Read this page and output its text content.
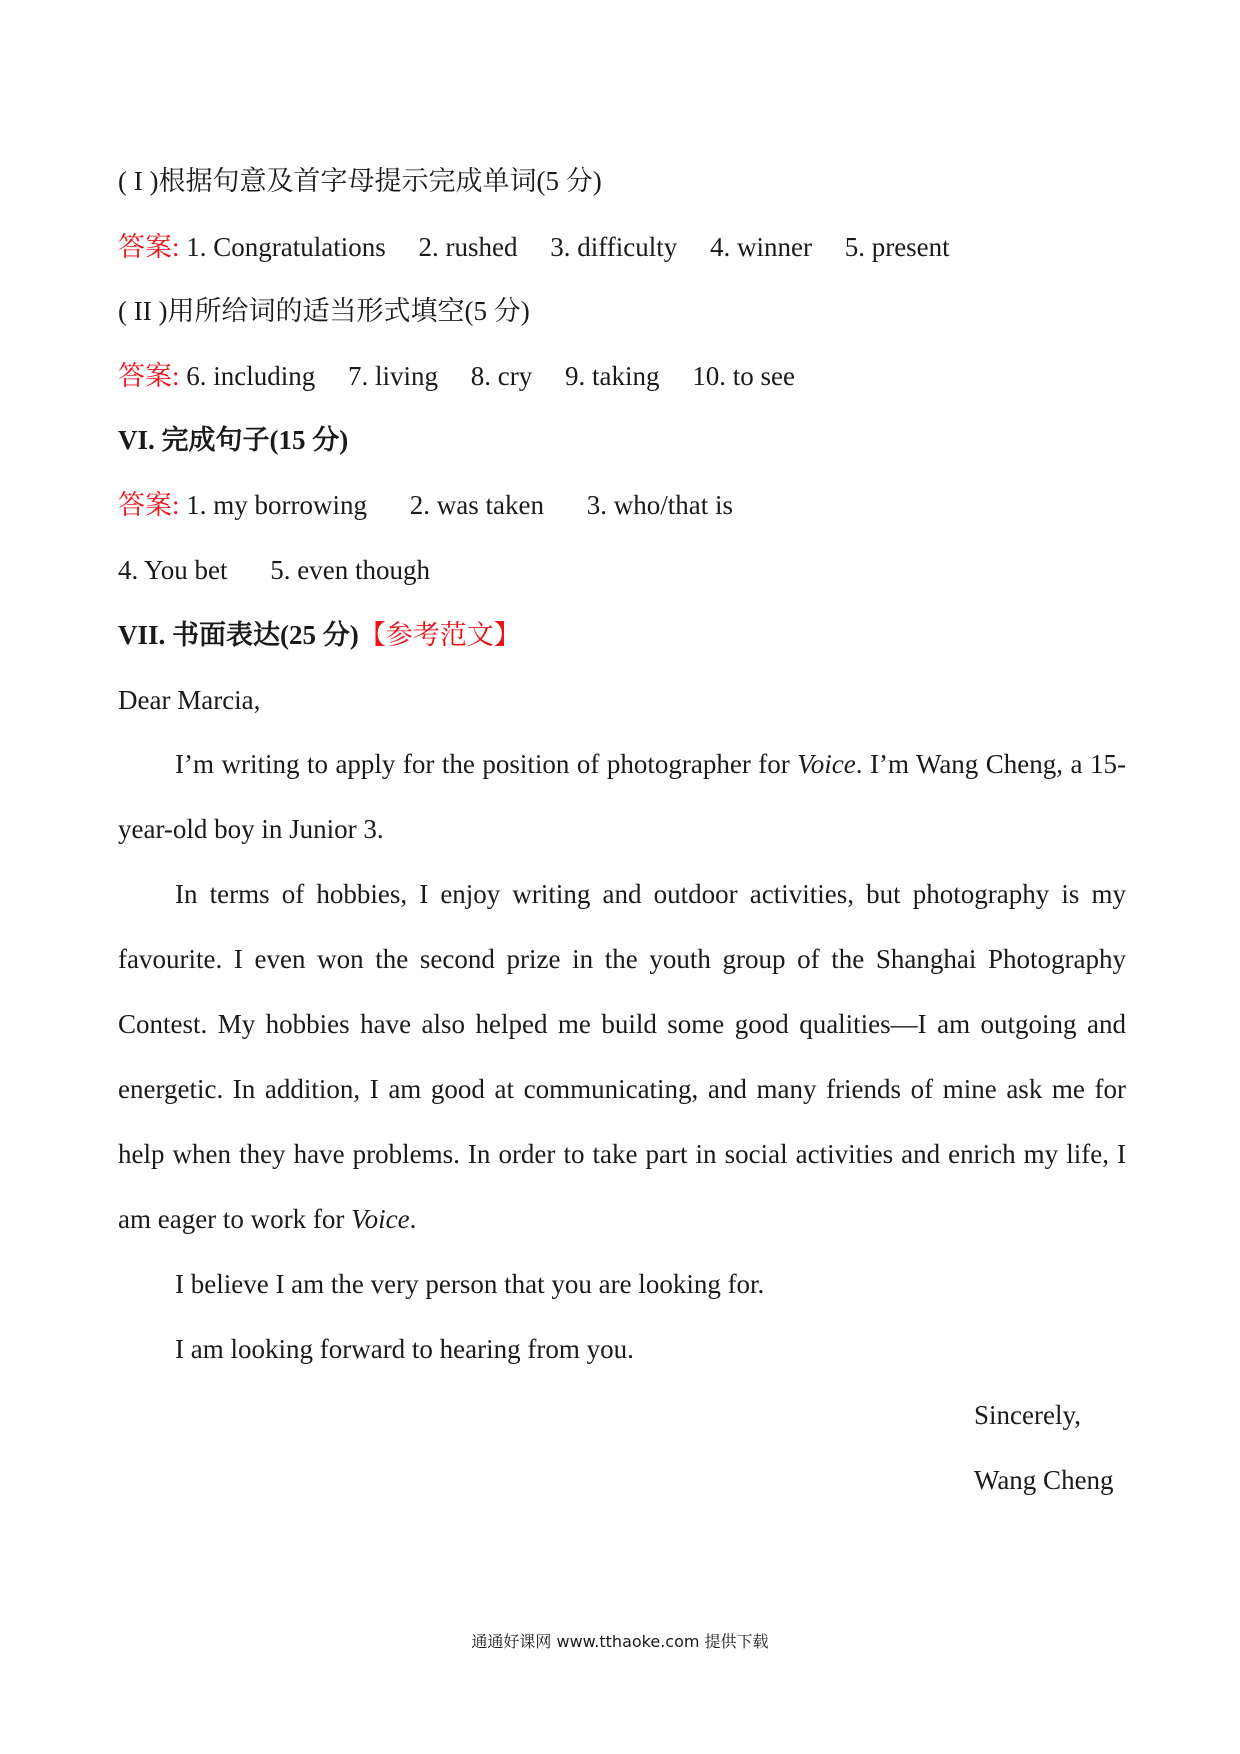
( I )根据句意及首字母提示完成单词(5 分)
答案: 1. Congratulations 2. rushed 3. difficulty 4. winner 5. present
( II )用所给词的适当形式填空(5 分)
答案: 6. including 7. living 8. cry 9. taking 10. to see
VI. 完成句子(15 分)
答案: 1. my borrowing 2. was taken 3. who/that is
4. You bet 5. even though
VII. 书面表达(25 分)【参考范文】
Dear Marcia,
I’m writing to apply for the position of photographer for Voice. I’m Wang Cheng, a 15-year-old boy in Junior 3.
In terms of hobbies, I enjoy writing and outdoor activities, but photography is my favourite. I even won the second prize in the youth group of the Shanghai Photography Contest. My hobbies have also helped me build some good qualities—I am outgoing and energetic. In addition, I am good at communicating, and many friends of mine ask me for help when they have problems. In order to take part in social activities and enrich my life, I am eager to work for Voice.
I believe I am the very person that you are looking for.
I am looking forward to hearing from you.
Sincerely,
Wang Cheng
通通好课网 www.tthaoke.com 提供下载
